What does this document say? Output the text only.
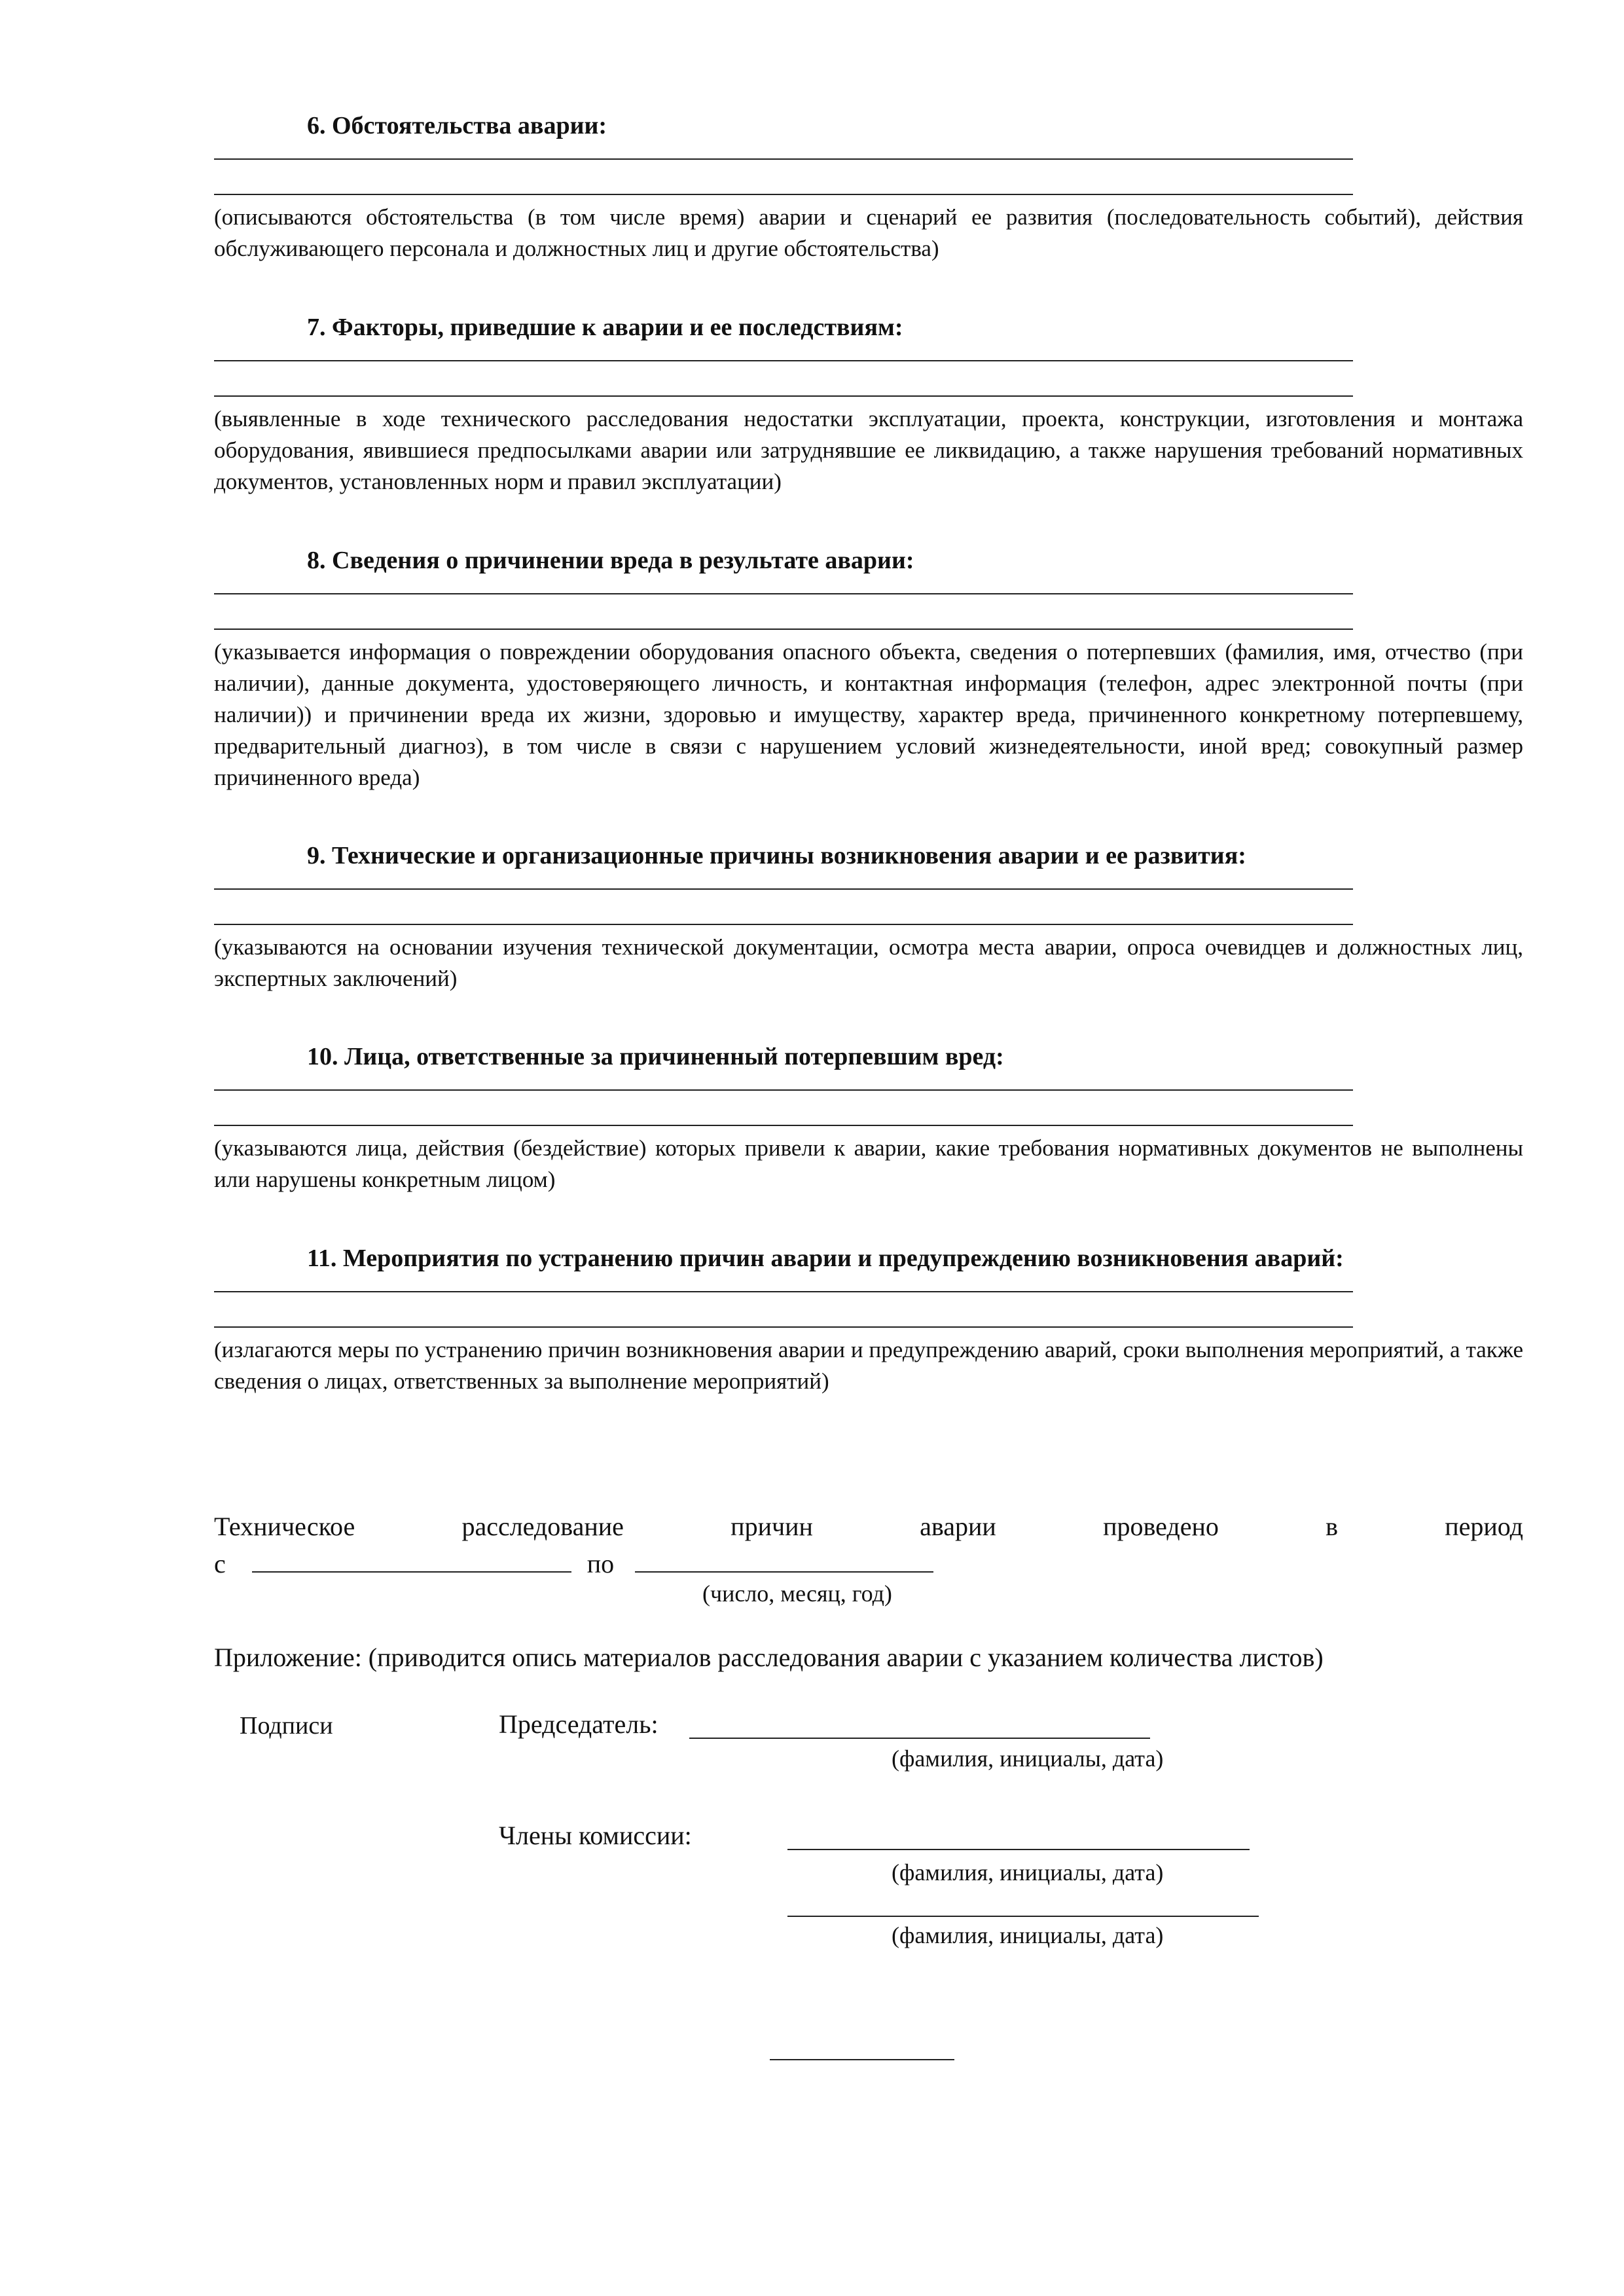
6. Обстоятельства аварии:

(описываются обстоятельства (в том числе время) аварии и сценарий ее развития (последовательность событий), действия обслуживающего персонала и должностных лиц и другие обстоятельства)

7. Факторы, приведшие к аварии и ее последствиям:

(выявленные в ходе технического расследования недостатки эксплуатации, проекта, конструкции, изготовления и монтажа оборудования, явившиеся предпосылками аварии или затруднявшие ее ликвидацию, а также нарушения требований нормативных документов, установленных норм и правил эксплуатации)

8. Сведения о причинении вреда в результате аварии:

(указывается информация о повреждении оборудования опасного объекта, сведения о потерпевших (фамилия, имя, отчество (при наличии), данные документа, удостоверяющего личность, и контактная информация (телефон, адрес электронной почты (при наличии)) и причинении вреда их жизни, здоровью и имуществу, характер вреда, причиненного конкретному потерпевшему, предварительный диагноз), в том числе в связи с нарушением условий жизнедеятельности, иной вред; совокупный размер причиненного вреда)

9. Технические и организационные причины возникновения аварии и ее развития:

(указываются на основании изучения технической документации, осмотра места аварии, опроса очевидцев и должностных лиц, экспертных заключений)

10. Лица, ответственные за причиненный потерпевшим вред:

(указываются лица, действия (бездействие) которых привели к аварии, какие требования нормативных документов не выполнены или нарушены конкретным лицом)

11. Мероприятия по устранению причин аварии и предупреждению возникновения аварий:

(излагаются меры по устранению причин возникновения аварии и предупреждению аварий, сроки выполнения мероприятий, а также сведения о лицах, ответственных за выполнение мероприятий)

Техническое	расследование	причин	аварии	проведено	в	период
с	по
(число, месяц, год)
Приложение: (приводится опись материалов расследования аварии с указанием количества листов)
Подписи	Председатель:
(фамилия, инициалы, дата)
Члены комиссии:
(фамилия, инициалы, дата)
(фамилия, инициалы, дата)
